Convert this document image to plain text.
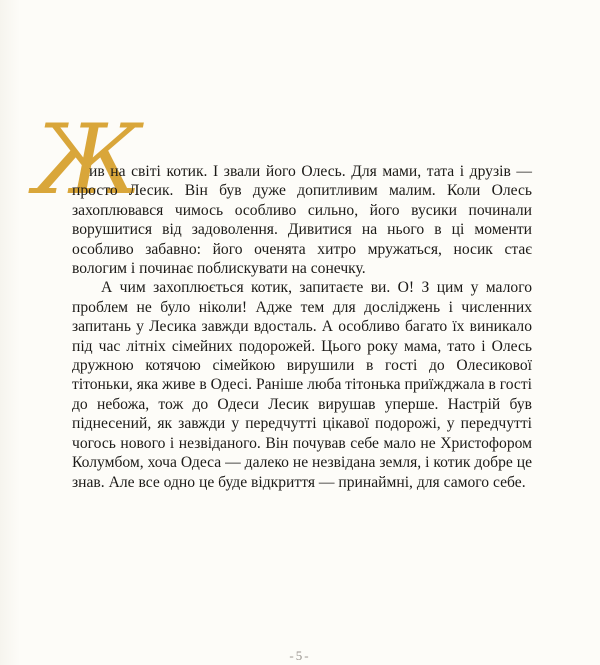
Ж

ив на світі котик. І звали його Олесь. Для мами, тата і друзів — просто Лесик. Він був дуже допитливим малим. Коли Олесь захоплювався чимось особливо сильно, його вусики починали ворушитися від задоволення. Дивитися на нього в ці моменти особливо забавно: його оченята хитро мружаться, носик стає вологим і починає поблискувати на сонечку.

А чим захоплюється котик, запитаєте ви. О! З цим у малого проблем не було ніколи! Адже тем для досліджень і численних запитань у Лесика завжди вдосталь. А особливо багато їх виникало під час літніх сімейних подорожей. Цього року мама, тато і Олесь дружною котячою сімейкою вирушили в гості до Олесикової тітоньки, яка живе в Одесі. Раніше люба тітонька приїжджала в гості до небожа, тож до Одеси Лесик вирушав уперше. Настрій був піднесений, як завжди у передчутті цікавої подорожі, у передчутті чогось нового і незвіданого. Він почував себе мало не Христофором Колумбом, хоча Одеса — далеко не незвідана земля, і котик добре це знав. Але все одно це буде відкриття — принаймні, для самого себе.

-5-
